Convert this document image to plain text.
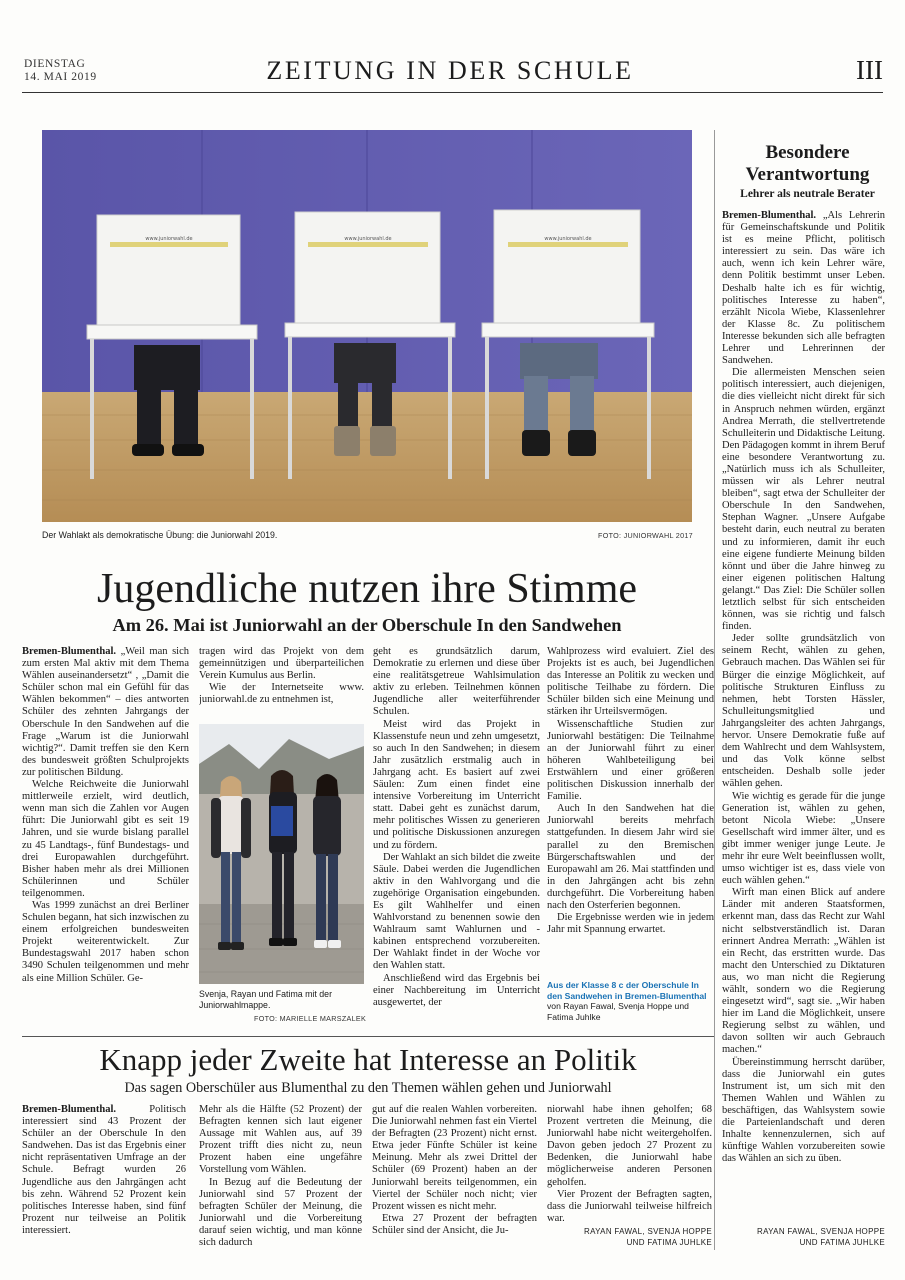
DIENSTAG
14. MAI 2019	ZEITUNG IN DER SCHULE	III
www.juniorwahl.de	www.juniorwahl.de	www.juniorwahl.de
Der Wahlakt als demokratische Übung: die Juniorwahl 2019.	FOTO: JUNIORWAHL 2017
Jugendliche nutzen ihre Stimme
Am 26. Mai ist Juniorwahl an der Oberschule In den Sandwehen

Bremen-Blumenthal. „Weil man sich zum ersten Mal aktiv mit dem Thema Wählen auseinandersetzt“ , „Damit die Schüler schon mal ein Gefühl für das Wählen bekommen“ – dies antworten Schüler des zehnten Jahrgangs der Oberschule In den Sandwehen auf die Frage „Warum ist die Juniorwahl wichtig?“. Damit treffen sie den Kern des bundesweit größten Schulprojekts zur politischen Bildung.

Welche Reichweite die Juniorwahl mittlerweile erzielt, wird deutlich, wenn man sich die Zahlen vor Augen führt: Die Juniorwahl gibt es seit 19 Jahren, und sie wurde bislang parallel zu 45 Landtags-, fünf Bundestags- und drei Europawahlen durchgeführt. Bisher haben mehr als drei Millionen Schülerinnen und Schüler teilgenommen.

Was 1999 zunächst an drei Berliner Schulen begann, hat sich inzwischen zu einem erfolgreichen bundesweiten Projekt weiterentwickelt. Zur Bundestagswahl 2017 haben schon 3490 Schulen teilgenommen und mehr als eine Million Schüler. Ge-

tragen wird das Projekt von dem gemeinnützigen und überparteilichen Verein Kumulus aus Berlin.

Wie der Internetseite www. juniorwahl.de zu entnehmen ist,

Svenja, Rayan und Fatima mit der Juniorwahlmappe.
FOTO: MARIELLE MARSZALEK

geht es grundsätzlich darum, Demokratie zu erlernen und diese über eine realitätsgetreue Wahlsimulation aktiv zu erleben. Teilnehmen können Jugendliche aller weiterführender Schulen.

Meist wird das Projekt in Klassenstufe neun und zehn umgesetzt, so auch In den Sandwehen; in diesem Jahr zusätzlich erstmalig auch in Jahrgang acht. Es basiert auf zwei Säulen: Zum einen findet eine intensive Vorbereitung im Unterricht statt. Dabei geht es zunächst darum, mehr politisches Wissen zu generieren und politische Diskussionen anzuregen und zu fördern.

Der Wahlakt an sich bildet die zweite Säule. Dabei werden die Jugendlichen aktiv in den Wahlvorgang und die zugehörige Organisation eingebunden. Es gilt Wahlhelfer und einen Wahlvorstand zu benennen sowie den Wahlraum samt Wahlurnen und -kabinen entsprechend vorzubereiten. Der Wahlakt findet in der Woche vor den Wahlen statt.

Anschließend wird das Ergebnis bei einer Nachbereitung im Unterricht ausgewertet, der

Wahlprozess wird evaluiert. Ziel des Projekts ist es auch, bei Jugendlichen das Interesse an Politik zu wecken und politische Teilhabe zu fördern. Die Schüler bilden sich eine Meinung und stärken ihr Urteilsvermögen.

Wissenschaftliche Studien zur Juniorwahl bestätigen: Die Teilnahme an der Juniorwahl führt zu einer höheren Wahlbeteiligung bei Erstwählern und einer größeren politischen Diskussion innerhalb der Familie.

Auch In den Sandwehen hat die Juniorwahl bereits mehrfach stattgefunden. In diesem Jahr wird sie parallel zu den Bremischen Bürgerschaftswahlen und der Europawahl am 26. Mai stattfinden und in den Jahrgängen acht bis zehn durchgeführt. Die Vorbereitung haben nach den Osterferien begonnen.

Die Ergebnisse werden wie in jedem Jahr mit Spannung erwartet.

Aus der Klasse 8 c der Oberschule In den Sandwehen in Bremen-Blumenthal von Rayan Fawal, Svenja Hoppe und Fatima Juhlke
Besondere
Verantwortung
Lehrer als neutrale Berater

Bremen-Blumenthal. „Als Lehrerin für Gemeinschaftskunde und Politik ist es meine Pflicht, politisch interessiert zu sein. Das wäre ich auch, wenn ich kein Lehrer wäre, denn Politik bestimmt unser Leben. Deshalb halte ich es für wichtig, politisches Interesse zu haben“, erzählt Nicola Wiebe, Klassenlehrer der Klasse 8c. Zu politischem Interesse bekunden sich alle befragten Lehrer und Lehrerinnen der Sandwehen.

Die allermeisten Menschen seien politisch interessiert, auch diejenigen, die dies vielleicht nicht direkt für sich in Anspruch nehmen würden, ergänzt Andrea Merrath, die stellvertretende Schulleiterin und Didaktische Leitung. Den Pädagogen kommt in ihrem Beruf eine besondere Verantwortung zu. „Natürlich muss ich als Schulleiter, müssen wir als Lehrer neutral bleiben“, sagt etwa der Schulleiter der Oberschule In den Sandwehen, Stephan Wagner. „Unsere Aufgabe besteht darin, euch neutral zu beraten und zu informieren, damit ihr euch eine eigene fundierte Meinung bilden könnt und über die Jahre hinweg zu einer eigenen politischen Haltung gelangt.“ Das Ziel: Die Schüler sollen letztlich selbst für sich entscheiden können, was sie richtig und falsch finden.

Jeder sollte grundsätzlich von seinem Recht, wählen zu gehen, Gebrauch machen. Das Wählen sei für Bürger die einzige Möglichkeit, auf politische Strukturen Einfluss zu nehmen, hebt Torsten Hässler, Schulleitungsmitglied und Jahrgangsleiter des achten Jahrgangs, hervor. Unsere Demokratie fuße auf dem Wahlrecht und dem Wahlsystem, und das Volk könne selbst entscheiden. Deshalb solle jeder wählen gehen.

Wie wichtig es gerade für die junge Generation ist, wählen zu gehen, betont Nicola Wiebe: „Unsere Gesellschaft wird immer älter, und es gibt immer weniger junge Leute. Je mehr ihr eure Welt beeinflussen wollt, umso wichtiger ist es, dass viele von euch wählen gehen.“

Wirft man einen Blick auf andere Länder mit anderen Staatsformen, erkennt man, dass das Recht zur Wahl nicht selbstverständlich ist. Daran erinnert Andrea Merrath: „Wählen ist ein Recht, das erstritten wurde. Das macht den Unterschied zu Diktaturen aus, wo man nicht die Regierung wählt, sondern wo die Regierung eingesetzt wird“, sagt sie. „Wir haben hier im Land die Möglichkeit, unsere Regierung selbst zu wählen, und davon sollten wir auch Gebrauch machen.“

Übereinstimmung herrscht darüber, dass die Juniorwahl ein gutes Instrument ist, um sich mit den Themen Wahlen und Wählen zu beschäftigen, das Wahlsystem sowie die Parteienlandschaft und deren Inhalte kennenzulernen, sich auf künftige Wahlen vorzubereiten sowie das Wählen an sich zu üben.

RAYAN FAWAL, SVENJA HOPPE
UND FATIMA JUHLKE
Knapp jeder Zweite hat Interesse an Politik
Das sagen Oberschüler aus Blumenthal zu den Themen wählen gehen und Juniorwahl

Bremen-Blumenthal.	Politisch interessiert sind 43 Prozent der Schüler an der Oberschule In den Sandwehen. Das ist das Ergebnis einer nicht repräsentativen Umfrage an der Schule. Befragt wurden 26 Jugendliche aus den Jahrgängen acht bis zehn. Während 52 Prozent kein politisches Interesse haben, sind fünf Prozent nur teilweise an Politik interessiert.

Mehr als die Hälfte (52 Prozent) der Befragten kennen sich laut eigener Aussage mit Wahlen aus, auf 39 Prozent trifft dies nicht zu, neun Prozent haben eine ungefähre Vorstellung vom Wählen.

In Bezug auf die Bedeutung der Juniorwahl sind 57 Prozent der befragten Schüler der Meinung, die Juniorwahl und die Vorbereitung darauf seien wichtig, und man könne sich dadurch

gut auf die realen Wahlen vorbereiten. Die Juniorwahl nehmen fast ein Viertel der Befragten (23 Prozent) nicht ernst. Etwa jeder Fünfte Schüler ist keine Meinung. Mehr als zwei Drittel der Schüler (69 Prozent) haben an der Juniorwahl bereits teilgenommen, ein Viertel der Schüler noch nicht; vier Prozent wissen es nicht mehr.

Etwa 27 Prozent der befragten Schüler sind der Ansicht, die Ju-

niorwahl habe ihnen geholfen; 68 Prozent vertreten die Meinung, die Juniorwahl habe nicht weitergeholfen. Davon geben jedoch 27 Prozent zu Bedenken, die Juniorwahl habe möglicherweise anderen Personen geholfen.

Vier Prozent der Befragten sagten, dass die Juniorwahl teilweise hilfreich war.

RAYAN FAWAL, SVENJA HOPPE
UND FATIMA JUHLKE
